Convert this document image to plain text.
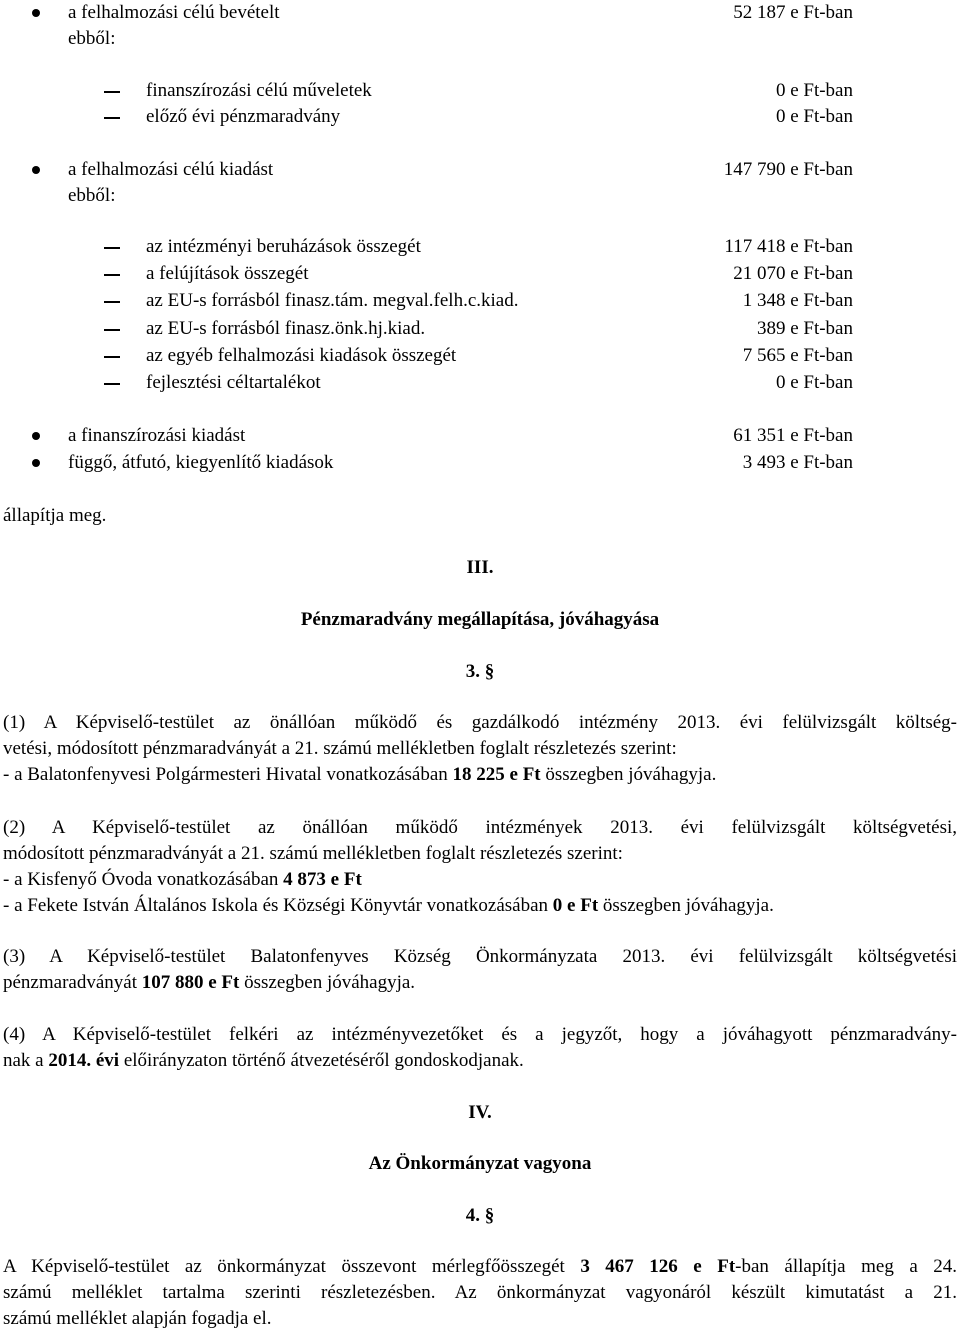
a felhalmozási célú bevételt	52 187 e Ft-ban
ebből:
finanszírozási célú műveletek	0 e Ft-ban
előző évi pénzmaradvány	0 e Ft-ban
a felhalmozási célú kiadást	147 790 e Ft-ban
ebből:
az intézményi beruházások összegét	117 418 e Ft-ban
a felújítások összegét	21 070 e Ft-ban
az EU-s forrásból finasz.tám. megval.felh.c.kiad.	1 348 e Ft-ban
az EU-s forrásból finasz.önk.hj.kiad.	389 e Ft-ban
az egyéb felhalmozási kiadások összegét	7 565 e Ft-ban
fejlesztési céltartalékot	0 e Ft-ban
a finanszírozási kiadást	61 351 e Ft-ban
függő, átfutó, kiegyenlítő kiadások	3 493 e Ft-ban
állapítja meg.
III.
Pénzmaradvány megállapítása, jóváhagyása
3. §
(1) A Képviselő-testület az önállóan működő és gazdálkodó intézmény 2013. évi felülvizsgált költség-
vetési, módosított pénzmaradványát a 21. számú mellékletben foglalt részletezés szerint:
- a Balatonfenyvesi Polgármesteri Hivatal vonatkozásában 18 225 e Ft összegben jóváhagyja.
(2) A Képviselő-testület az önállóan működő intézmények 2013. évi felülvizsgált költségvetési,
módosított pénzmaradványát a 21. számú mellékletben foglalt részletezés szerint:
- a Kisfenyő Óvoda vonatkozásában 4 873 e Ft
- a Fekete István Általános Iskola és Községi Könyvtár vonatkozásában 0 e Ft összegben jóváhagyja.
(3) A Képviselő-testület Balatonfenyves Község Önkormányzata 2013. évi felülvizsgált költségvetési
pénzmaradványát 107 880 e Ft összegben jóváhagyja.
(4) A Képviselő-testület felkéri az intézményvezetőket és a jegyzőt, hogy a jóváhagyott pénzmaradvány-
nak a 2014. évi előirányzaton történő átvezetéséről gondoskodjanak.
IV.
Az Önkormányzat vagyona
4. §
A Képviselő-testület az önkormányzat összevont mérlegfőösszegét 3 467 126 e Ft-ban állapítja meg a 24.
számú melléklet tartalma szerinti részletezésben. Az önkormányzat vagyonáról készült kimutatást a 21.
számú melléklet alapján fogadja el.
